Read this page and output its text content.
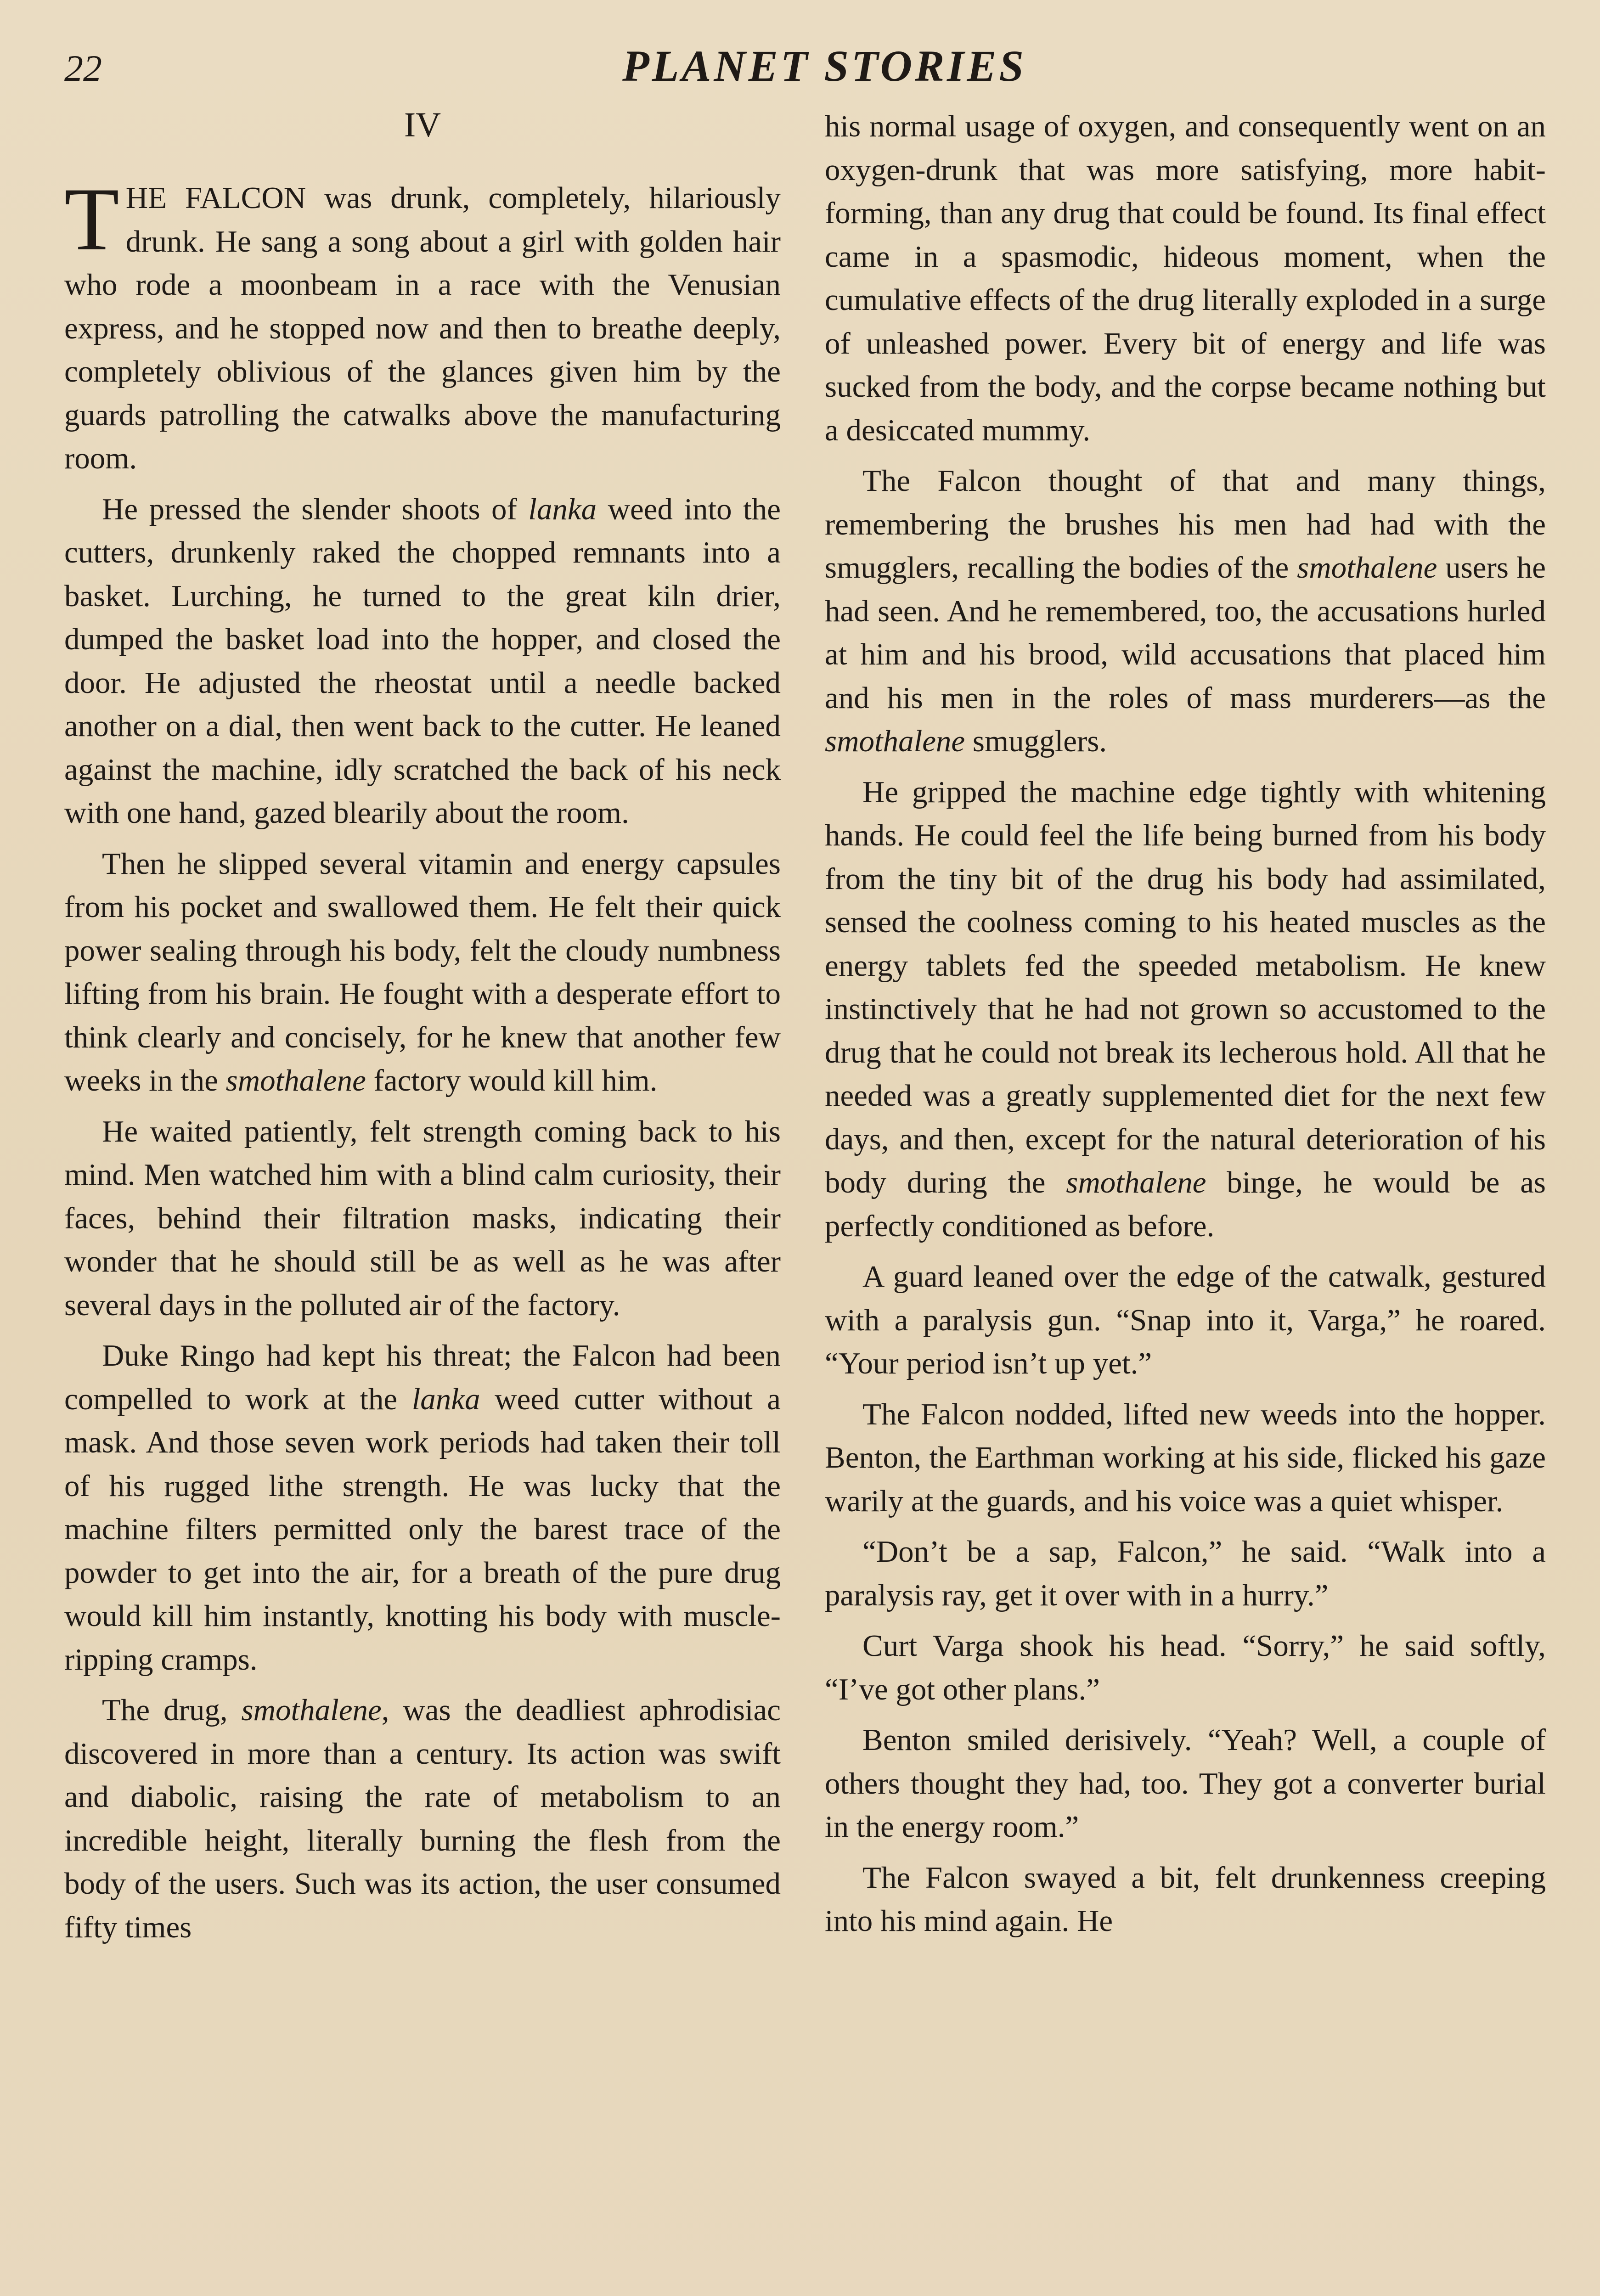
22	PLANET STORIES
IV

THE FALCON was drunk, completely, hilariously drunk. He sang a song about a girl with golden hair who rode a moonbeam in a race with the Venusian express, and he stopped now and then to breathe deeply, completely oblivious of the glances given him by the guards patrolling the catwalks above the manufacturing room.

He pressed the slender shoots of lanka weed into the cutters, drunkenly raked the chopped remnants into a basket. Lurching, he turned to the great kiln drier, dumped the basket load into the hopper, and closed the door. He adjusted the rheostat until a needle backed another on a dial, then went back to the cutter. He leaned against the machine, idly scratched the back of his neck with one hand, gazed blearily about the room.

Then he slipped several vitamin and energy capsules from his pocket and swallowed them. He felt their quick power sealing through his body, felt the cloudy numbness lifting from his brain. He fought with a desperate effort to think clearly and concisely, for he knew that another few weeks in the smothalene factory would kill him.

He waited patiently, felt strength coming back to his mind. Men watched him with a blind calm curiosity, their faces, behind their filtration masks, indicating their wonder that he should still be as well as he was after several days in the polluted air of the factory.

Duke Ringo had kept his threat; the Falcon had been compelled to work at the lanka weed cutter without a mask. And those seven work periods had taken their toll of his rugged lithe strength. He was lucky that the machine filters permitted only the barest trace of the powder to get into the air, for a breath of the pure drug would kill him instantly, knotting his body with muscle-ripping cramps.

The drug, smothalene, was the deadliest aphrodisiac discovered in more than a century. Its action was swift and diabolic, raising the rate of metabolism to an incredible height, literally burning the flesh from the body of the users. Such was its action, the user consumed fifty times

his normal usage of oxygen, and consequently went on an oxygen-drunk that was more satisfying, more habit-forming, than any drug that could be found. Its final effect came in a spasmodic, hideous moment, when the cumulative effects of the drug literally exploded in a surge of unleashed power. Every bit of energy and life was sucked from the body, and the corpse became nothing but a desiccated mummy.

The Falcon thought of that and many things, remembering the brushes his men had had with the smugglers, recalling the bodies of the smothalene users he had seen. And he remembered, too, the accusations hurled at him and his brood, wild accusations that placed him and his men in the roles of mass murderers—as the smothalene smugglers.

He gripped the machine edge tightly with whitening hands. He could feel the life being burned from his body from the tiny bit of the drug his body had assimilated, sensed the coolness coming to his heated muscles as the energy tablets fed the speeded metabolism. He knew instinctively that he had not grown so accustomed to the drug that he could not break its lecherous hold. All that he needed was a greatly supplemented diet for the next few days, and then, except for the natural deterioration of his body during the smothalene binge, he would be as perfectly conditioned as before.

A guard leaned over the edge of the catwalk, gestured with a paralysis gun. “Snap into it, Varga,” he roared. “Your period isn’t up yet.”

The Falcon nodded, lifted new weeds into the hopper. Benton, the Earthman working at his side, flicked his gaze warily at the guards, and his voice was a quiet whisper.

“Don’t be a sap, Falcon,” he said. “Walk into a paralysis ray, get it over with in a hurry.”

Curt Varga shook his head. “Sorry,” he said softly, “I’ve got other plans.”

Benton smiled derisively. “Yeah? Well, a couple of others thought they had, too. They got a converter burial in the energy room.”

The Falcon swayed a bit, felt drunkenness creeping into his mind again. He
